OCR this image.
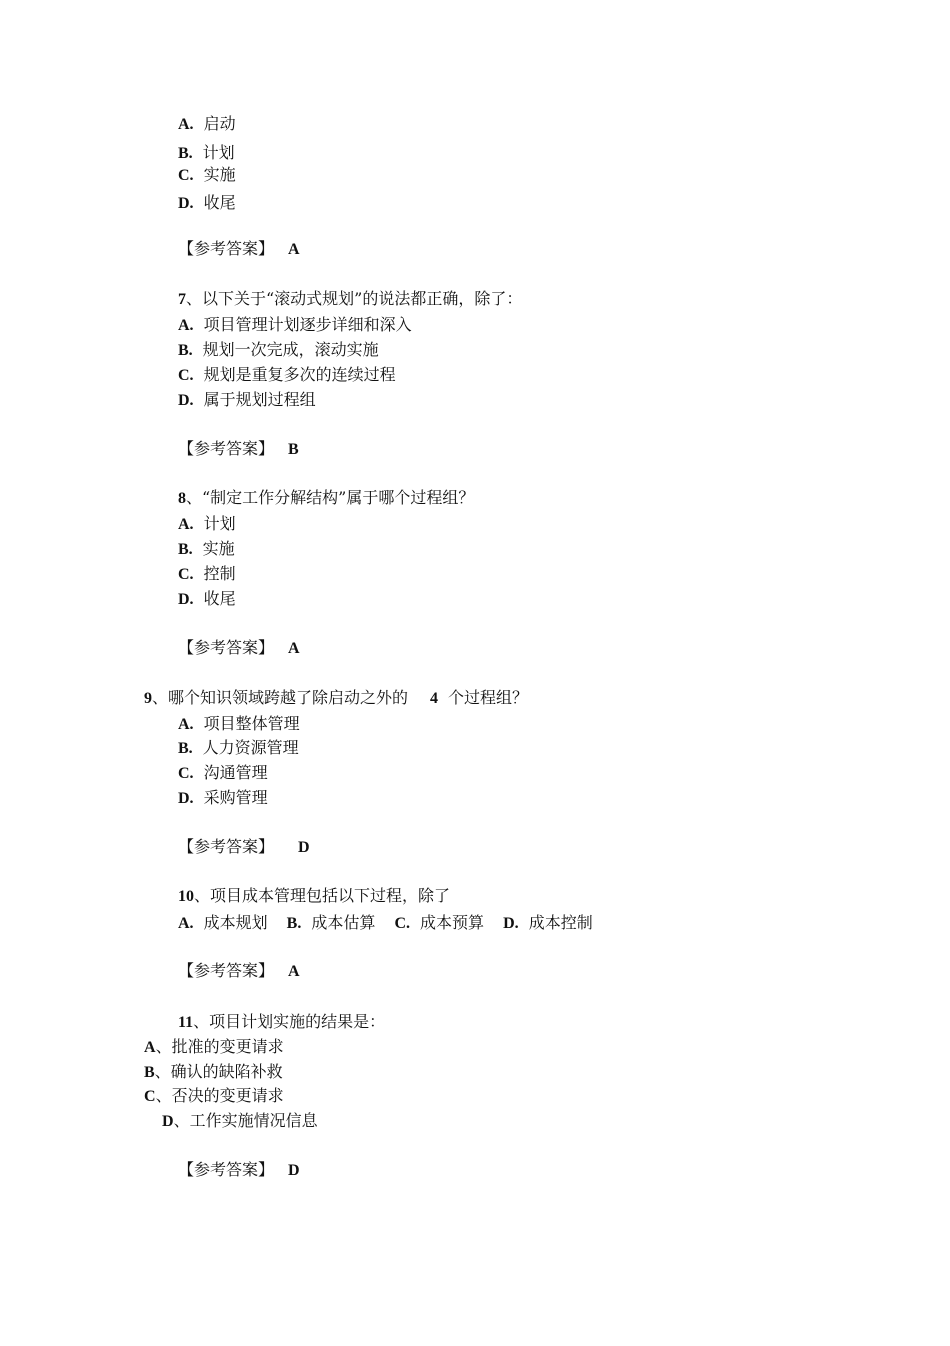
A. 启动
B. 计划
C. 实施
D. 收尾
【参考答案】 A
7、以下关于“滚动式规划”的说法都正确，除了：
A. 项目管理计划逐步详细和深入
B. 规划一次完成，滚动实施
C. 规划是重复多次的连续过程
D. 属于规划过程组
【参考答案】 B
8、“制定工作分解结构”属于哪个过程组？
A. 计划
B. 实施
C. 控制
D. 收尾
【参考答案】 A
9、哪个知识领域跨越了除启动之外的 4 个过程组？
A. 项目整体管理
B. 人力资源管理
C. 沟通管理
D. 采购管理
【参考答案】 D
10、项目成本管理包括以下过程，除了
A. 成本规划 B. 成本估算 C. 成本预算 D. 成本控制
【参考答案】 A
11、项目计划实施的结果是：
A、批准的变更请求
B、确认的缺陷补救
C、否决的变更请求
D、工作实施情况信息
【参考答案】 D
